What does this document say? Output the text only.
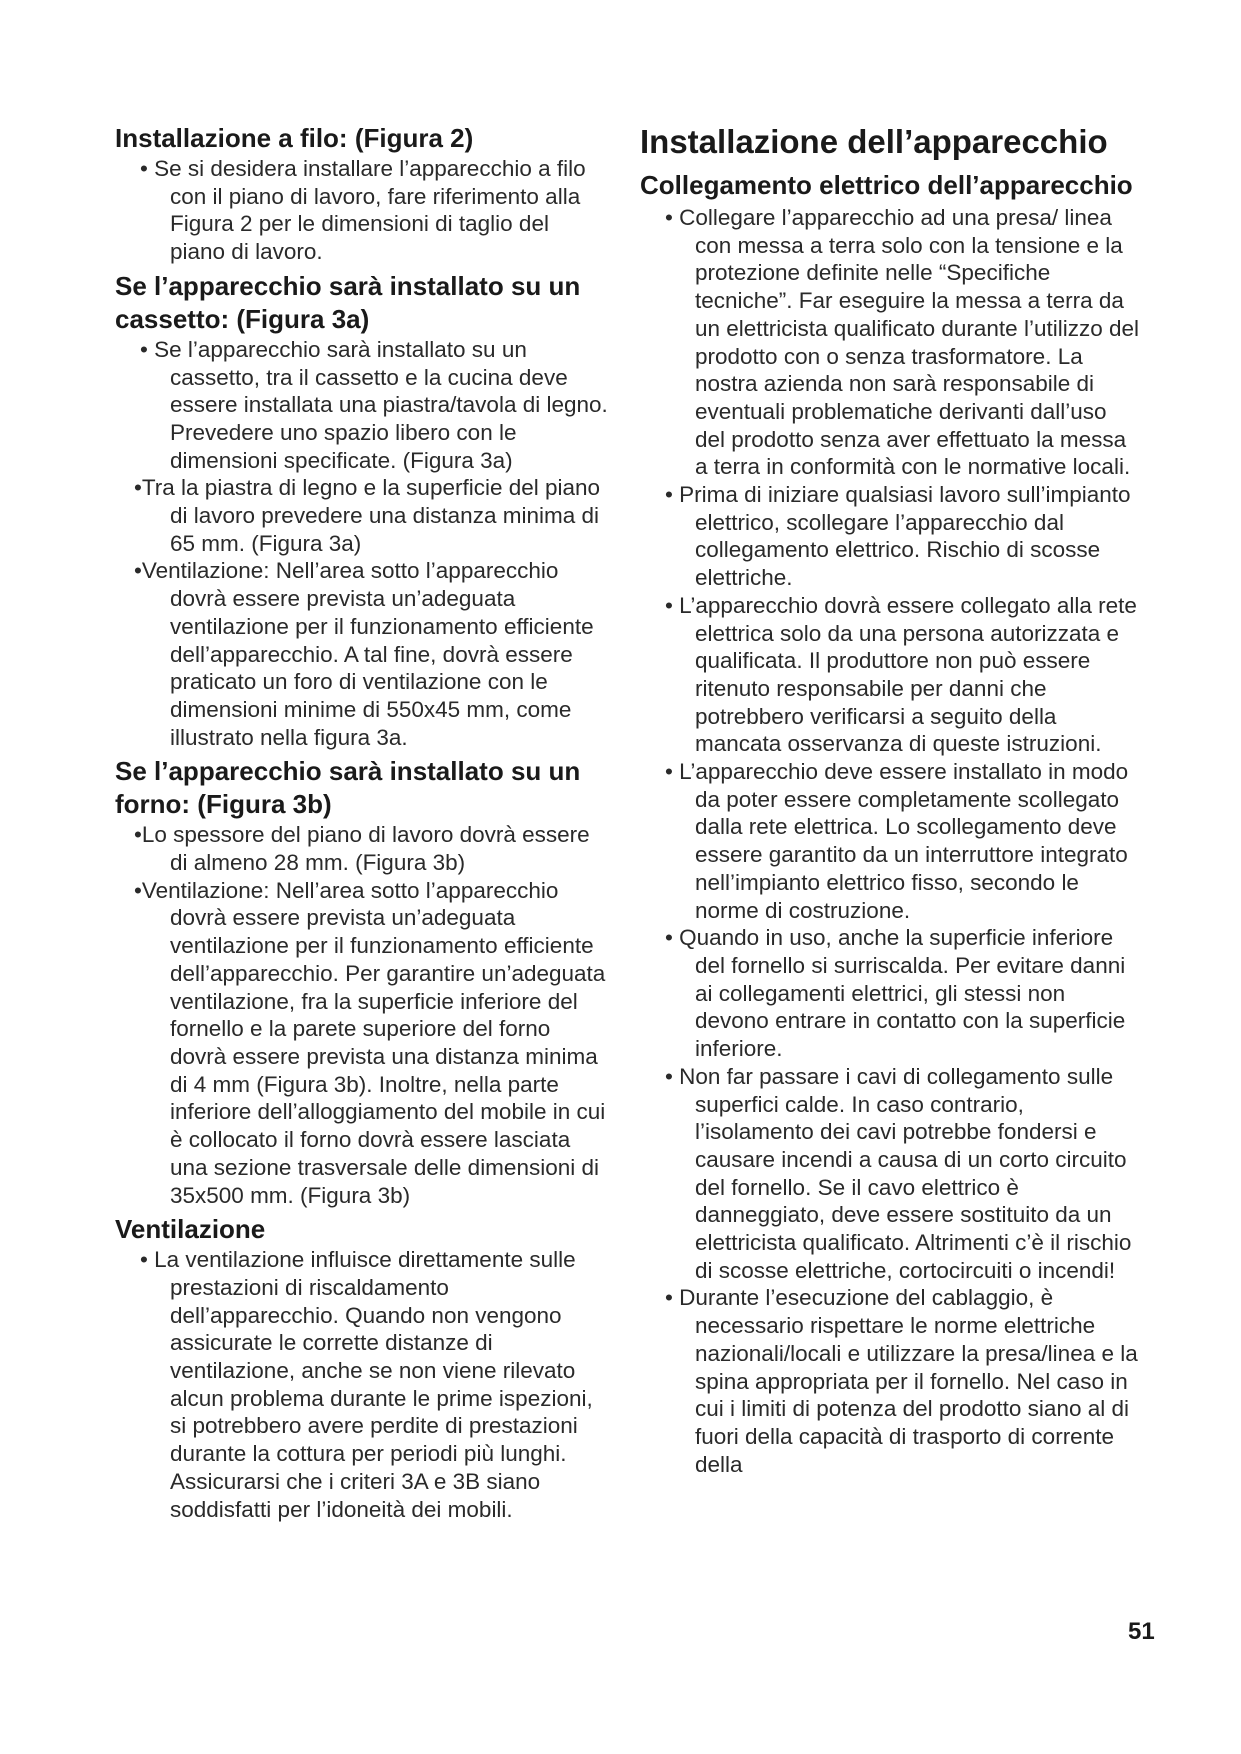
Installazione a filo: (Figura 2)
• Se si desidera installare l’apparecchio a filo con il piano di lavoro, fare riferimento alla Figura 2 per le dimensioni di taglio del piano di lavoro.
Se l’apparecchio sarà installato su un cassetto: (Figura 3a)
• Se l’apparecchio sarà installato su un cassetto, tra il cassetto e la cucina deve essere installata una piastra/tavola di legno. Prevedere uno spazio libero con le dimensioni specificate. (Figura 3a)
•Tra la piastra di legno e la superficie del piano di lavoro prevedere una distanza minima di 65 mm. (Figura 3a)
•Ventilazione: Nell’area sotto l’apparecchio dovrà essere prevista un’adeguata ventilazione per il funzionamento efficiente dell’apparecchio. A tal fine, dovrà essere praticato un foro di ventilazione con le dimensioni minime di 550x45 mm, come illustrato nella figura 3a.
Se l’apparecchio sarà installato su un forno: (Figura 3b)
•Lo spessore del piano di lavoro dovrà essere di almeno 28 mm. (Figura 3b)
•Ventilazione: Nell’area sotto l’apparecchio dovrà essere prevista un’adeguata ventilazione per il funzionamento efficiente dell’apparecchio. Per garantire un’adeguata ventilazione, fra la superficie inferiore del fornello e la parete superiore del forno dovrà essere prevista una distanza minima di 4 mm (Figura 3b). Inoltre, nella parte inferiore dell’alloggiamento del mobile in cui è collocato il forno dovrà essere lasciata una sezione trasversale delle dimensioni di 35x500 mm. (Figura 3b)
Ventilazione
• La ventilazione influisce direttamente sulle prestazioni di riscaldamento dell’apparecchio. Quando non vengono assicurate le corrette distanze di ventilazione, anche se non viene rilevato alcun problema durante le prime ispezioni, si potrebbero avere perdite di prestazioni durante la cottura per periodi più lunghi. Assicurarsi che i criteri 3A e 3B siano soddisfatti per l’idoneità dei mobili.
Installazione dell’apparecchio
Collegamento elettrico dell’apparecchio
• Collegare l’apparecchio ad una presa/ linea con messa a terra solo con la tensione e la protezione definite nelle “Specifiche tecniche”. Far eseguire la messa a terra da un elettricista qualificato durante l’utilizzo del prodotto con o senza trasformatore. La nostra azienda non sarà responsabile di eventuali problematiche derivanti dall’uso del prodotto senza aver effettuato la messa a terra in conformità con le normative locali.
• Prima di iniziare qualsiasi lavoro sull’impianto elettrico, scollegare l’apparecchio dal collegamento elettrico. Rischio di scosse elettriche.
• L’apparecchio dovrà essere collegato alla rete elettrica solo da una persona autorizzata e qualificata. Il produttore non può essere ritenuto responsabile per danni che potrebbero verificarsi a seguito della mancata osservanza di queste istruzioni.
• L’apparecchio deve essere installato in modo da poter essere completamente scollegato dalla rete elettrica. Lo scollegamento deve essere garantito da un interruttore integrato nell’impianto elettrico fisso, secondo le norme di costruzione.
• Quando in uso, anche la superficie inferiore del fornello si surriscalda. Per evitare danni ai collegamenti elettrici, gli stessi non devono entrare in contatto con la superficie inferiore.
• Non far passare i cavi di collegamento sulle superfici calde. In caso contrario, l’isolamento dei cavi potrebbe fondersi e causare incendi a causa di un corto circuito del fornello. Se il cavo elettrico è danneggiato, deve essere sostituito da un elettricista qualificato. Altrimenti c’è il rischio di scosse elettriche, cortocircuiti o incendi!
• Durante l’esecuzione del cablaggio, è necessario rispettare le norme elettriche nazionali/locali e utilizzare la presa/linea e la spina appropriata per il fornello. Nel caso in cui i limiti di potenza del prodotto siano al di fuori della capacità di trasporto di corrente della
51
